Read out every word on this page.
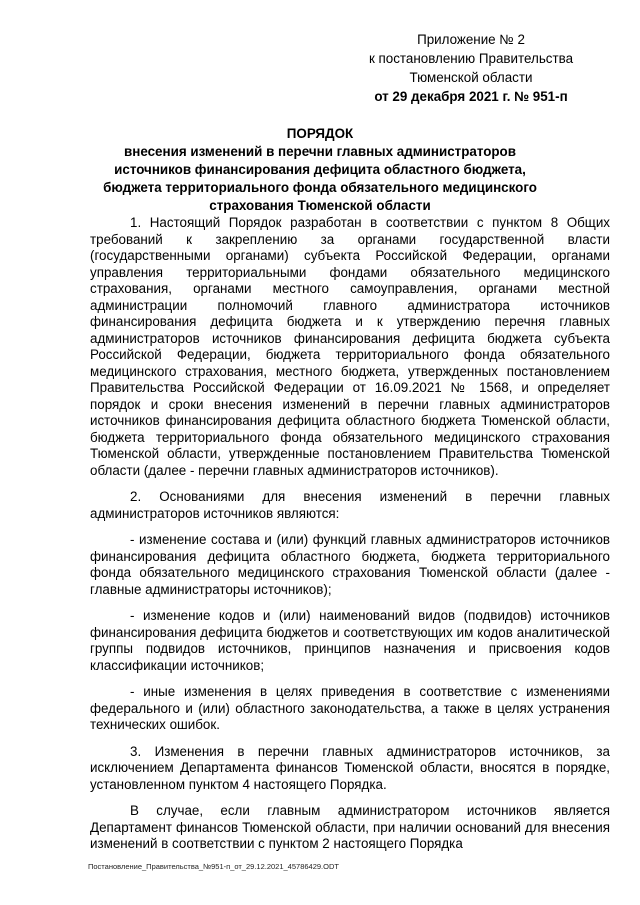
Приложение № 2
к постановлению Правительства
Тюменской области
от 29 декабря 2021 г. № 951-п
ПОРЯДОК
внесения изменений в перечни главных администраторов источников финансирования дефицита областного бюджета, бюджета территориального фонда обязательного медицинского страхования Тюменской области

1. Настоящий Порядок разработан в соответствии с пунктом 8 Общих требований к закреплению за органами государственной власти (государственными органами) субъекта Российской Федерации, органами управления территориальными фондами обязательного медицинского страхования, органами местного самоуправления, органами местной администрации полномочий главного администратора источников финансирования дефицита бюджета и к утверждению перечня главных администраторов источников финансирования дефицита бюджета субъекта Российской Федерации, бюджета территориального фонда обязательного медицинского страхования, местного бюджета, утвержденных постановлением Правительства Российской Федерации от 16.09.2021 № 1568, и определяет порядок и сроки внесения изменений в перечни главных администраторов источников финансирования дефицита областного бюджета Тюменской области, бюджета территориального фонда обязательного медицинского страхования Тюменской области, утвержденные постановлением Правительства Тюменской области (далее - перечни главных администраторов источников).

2. Основаниями для внесения изменений в перечни главных администраторов источников являются:

- изменение состава и (или) функций главных администраторов источников финансирования дефицита областного бюджета, бюджета территориального фонда обязательного медицинского страхования Тюменской области (далее - главные администраторы источников);

- изменение кодов и (или) наименований видов (подвидов) источников финансирования дефицита бюджетов и соответствующих им кодов аналитической группы подвидов источников, принципов назначения и присвоения кодов классификации источников;

- иные изменения в целях приведения в соответствие с изменениями федерального и (или) областного законодательства, а также в целях устранения технических ошибок.

3. Изменения в перечни главных администраторов источников, за исключением Департамента финансов Тюменской области, вносятся в порядке, установленном пунктом 4 настоящего Порядка.

В случае, если главным администратором источников является Департамент финансов Тюменской области, при наличии оснований для внесения изменений в соответствии с пунктом 2 настоящего Порядка

Постановление_Правительства_№951-п_от_29.12.2021_45786429.ODT
